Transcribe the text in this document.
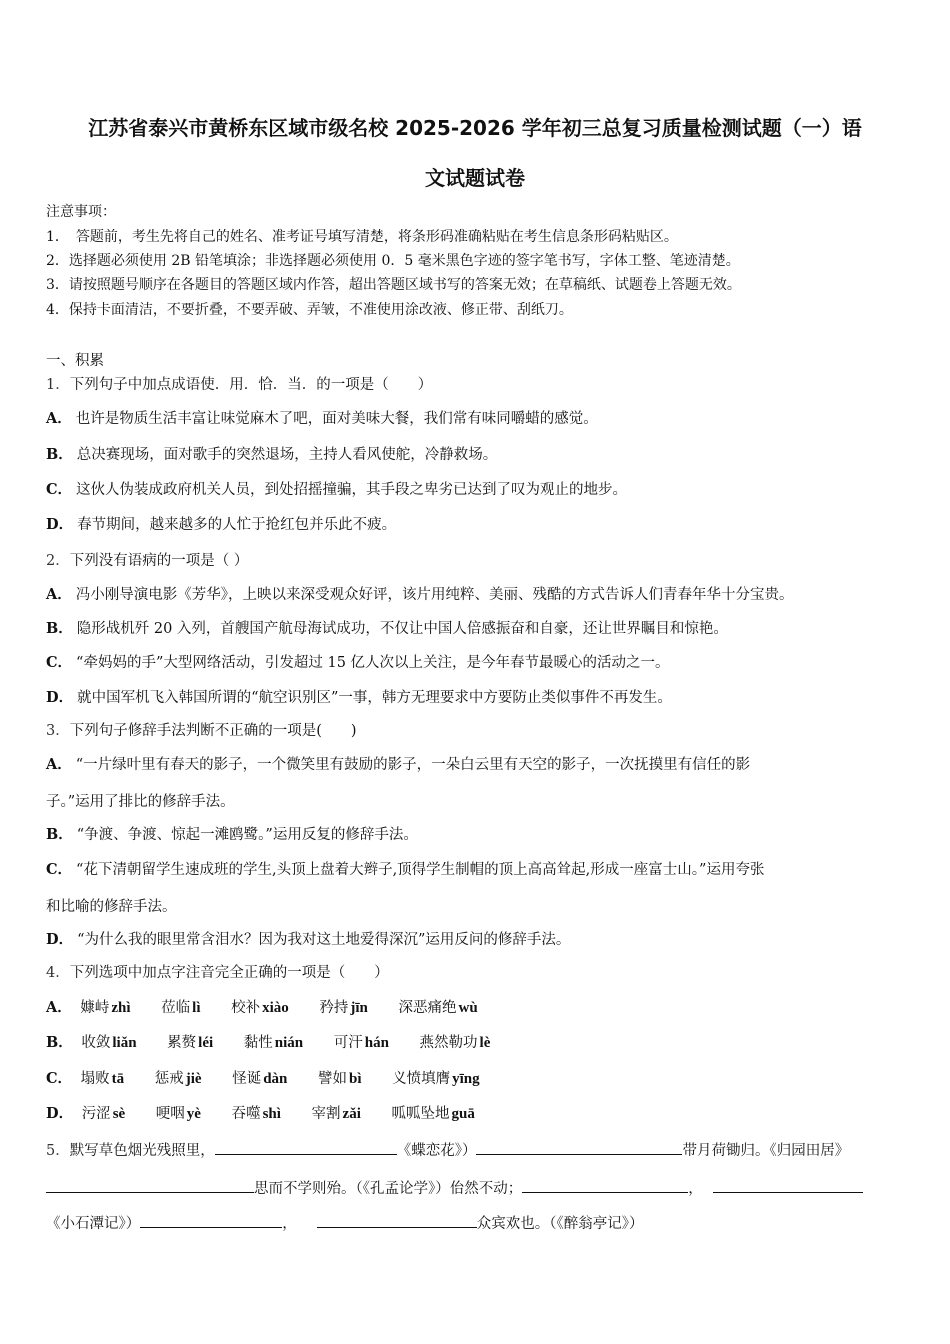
江苏省泰兴市黄桥东区域市级名校 2025-2026 学年初三总复习质量检测试题（一）语
文试题试卷
注意事项：
1．　答题前，考生先将自己的姓名、准考证号填写清楚，将条形码准确粘贴在考生信息条形码粘贴区。
2．选择题必须使用 2B 铅笔填涂；非选择题必须使用 0．5 毫米黑色字迹的签字笔书写，字体工整、笔迹清楚。
3．请按照题号顺序在各题目的答题区域内作答，超出答题区域书写的答案无效；在草稿纸、试题卷上答题无效。
4．保持卡面清洁，不要折叠，不要弄破、弄皱，不准使用涂改液、修正带、刮纸刀。
一、积累
1．下列句子中加点成语使．用．恰．当．的一项是（　　）
A． 也许是物质生活丰富让味觉麻木了吧，面对美味大餐，我们常有味同嚼蜡的感觉。
B． 总决赛现场，面对歌手的突然退场，主持人看风使舵，冷静救场。
C． 这伙人伪装成政府机关人员，到处招摇撞骗，其手段之卑劣已达到了叹为观止的地步。
D． 春节期间，越来越多的人忙于抢红包并乐此不疲。
2．下列没有语病的一项是（ ）
A． 冯小刚导演电影《芳华》，上映以来深受观众好评，该片用纯粹、美丽、残酷的方式告诉人们青春年华十分宝贵。
B． 隐形战机歼 20 入列，首艘国产航母海试成功，不仅让中国人倍感振奋和自豪，还让世界瞩目和惊艳。
C． “牵妈妈的手”大型网络活动，引发超过 15 亿人次以上关注，是今年春节最暖心的活动之一。
D． 就中国军机飞入韩国所谓的“航空识别区”一事，韩方无理要求中方要防止类似事件不再发生。
3．下列句子修辞手法判断不正确的一项是(　　)
A． “一片绿叶里有春天的影子，一个微笑里有鼓励的影子，一朵白云里有天空的影子，一次抚摸里有信任的影
子。”运用了排比的修辞手法。
B． “争渡、争渡、惊起一滩鸥鹭。”运用反复的修辞手法。
C． “花下清朝留学生速成班的学生,头顶上盘着大辫子,顶得学生制帽的顶上高高耸起,形成一座富士山。”运用夸张
和比喻的修辞手法。
D． “为什么我的眼里常含泪水？因为我对这土地爱得深沉”运用反问的修辞手法。
4．下列选项中加点字注音完全正确的一项是（　　）
A． 嫝峙 zhì 莅临 lì 校补 xiào 矜持 jīn 深恶痛绝 wù
B． 收敛 liǎn 累赘 léi 黏性 nián 可汗 hán 燕然勒功 lè
C． 塌败 tā 惩戒 jiè 怪诞 dàn 譬如 bì 义愤填膺 yīng
D． 污涩 sè 哽咽 yè 吞噬 shì 宰割 zǎi 呱呱坠地 guā
5．默写草色烟光残照里，	《蝶恋花》）	带月荷锄归。《归园田居》
思而不学则殆。（《孔孟论学》）佁然不动；	，
《小石潭记》）	，	众宾欢也。（《醉翁亭记》）
